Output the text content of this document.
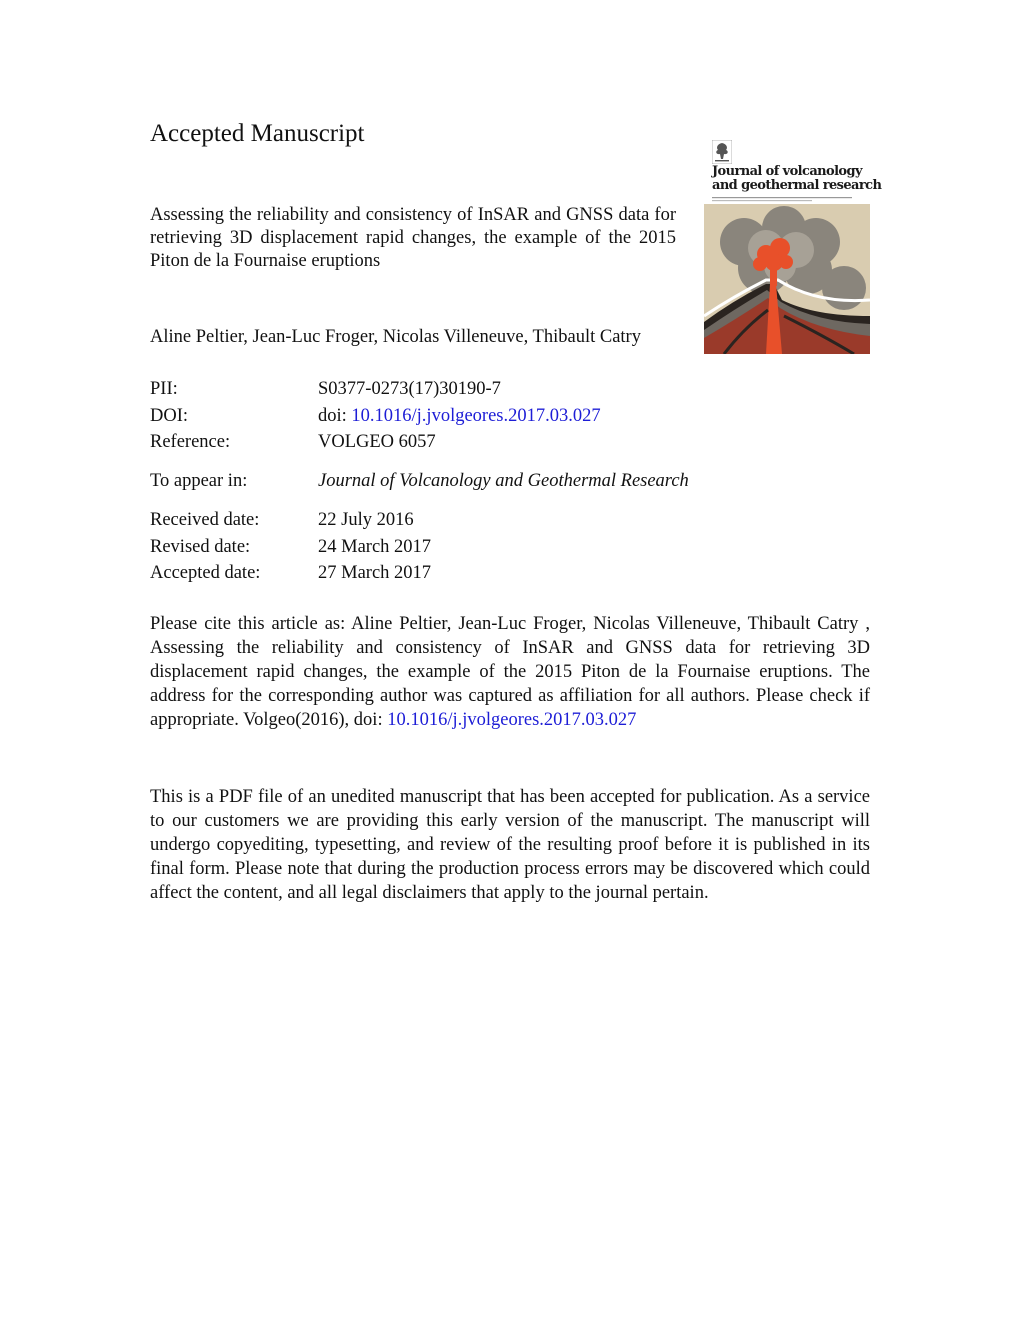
Accepted Manuscript

Assessing the reliability and consistency of InSAR and GNSS data for retrieving 3D displacement rapid changes, the example of the 2015 Piton de la Fournaise eruptions

Aline Peltier, Jean-Luc Froger, Nicolas Villeneuve, Thibault Catry
PII:	S0377-0273(17)30190-7
DOI:	doi: 10.1016/j.jvolgeores.2017.03.027
Reference:	VOLGEO 6057
To appear in:	Journal of Volcanology and Geothermal Research
Received date:	22 July 2016
Revised date:	24 March 2017
Accepted date:	27 March 2017

Please cite this article as: Aline Peltier, Jean-Luc Froger, Nicolas Villeneuve, Thibault Catry , Assessing the reliability and consistency of InSAR and GNSS data for retrieving 3D displacement rapid changes, the example of the 2015 Piton de la Fournaise eruptions. The address for the corresponding author was captured as affiliation for all authors. Please check if appropriate. Volgeo(2016), doi: 10.1016/j.jvolgeores.2017.03.027

This is a PDF file of an unedited manuscript that has been accepted for publication. As a service to our customers we are providing this early version of the manuscript. The manuscript will undergo copyediting, typesetting, and review of the resulting proof before it is published in its final form. Please note that during the production process errors may be discovered which could affect the content, and all legal disclaimers that apply to the journal pertain.

Journal of volcanology
and geothermal research
